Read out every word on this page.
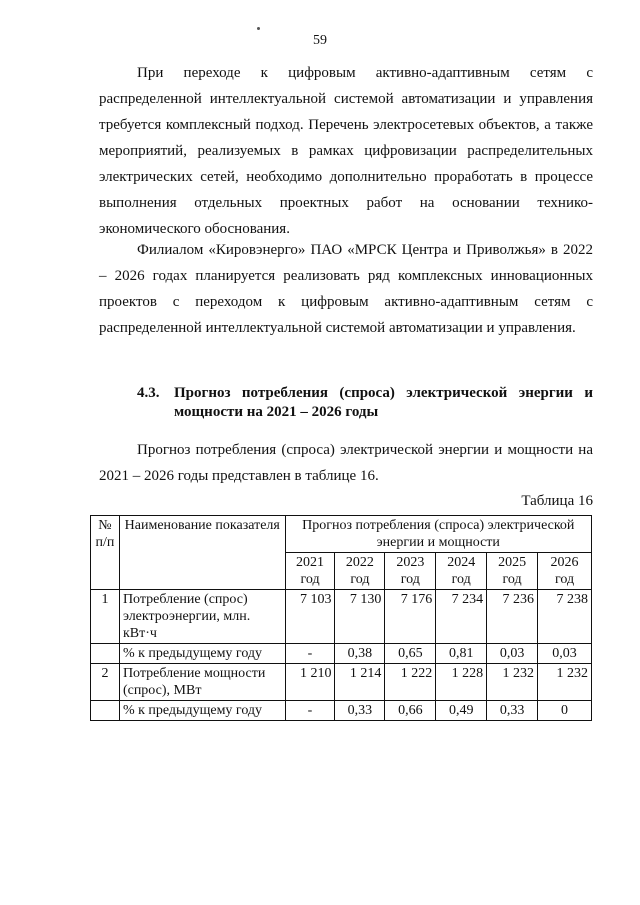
59

При переходе к цифровым активно-адаптивным сетям с распределенной интеллектуальной системой автоматизации и управления требуется комплексный подход. Перечень электросетевых объектов, а также мероприятий, реализуемых в рамках цифровизации распределительных электрических сетей, необходимо дополнительно проработать в процессе выполнения отдельных проектных работ на основании технико-экономического обоснования.

Филиалом «Кировэнерго» ПАО «МРСК Центра и Приволжья» в 2022 – 2026 годах планируется реализовать ряд комплексных инновационных проектов с переходом к цифровым активно-адаптивным сетям с распределенной интеллектуальной системой автоматизации и управления.

4.3. Прогноз потребления (спроса) электрической энергии и мощности на 2021 – 2026 годы

Прогноз потребления (спроса) электрической энергии и мощности на 2021 – 2026 годы представлен в таблице 16.

Таблица 16
№ п/п	Наименование показателя	Прогноз потребления (спроса) электрической энергии и мощности					
		2021 год	2022 год	2023 год	2024 год	2025 год	2026 год
1	Потребление (спрос) электроэнергии, млн. кВт·ч	7 103	7 130	7 176	7 234	7 236	7 238
	% к предыдущему году	-	0,38	0,65	0,81	0,03	0,03
2	Потребление мощности (спрос), МВт	1 210	1 214	1 222	1 228	1 232	1 232
	% к предыдущему году	-	0,33	0,66	0,49	0,33	0
